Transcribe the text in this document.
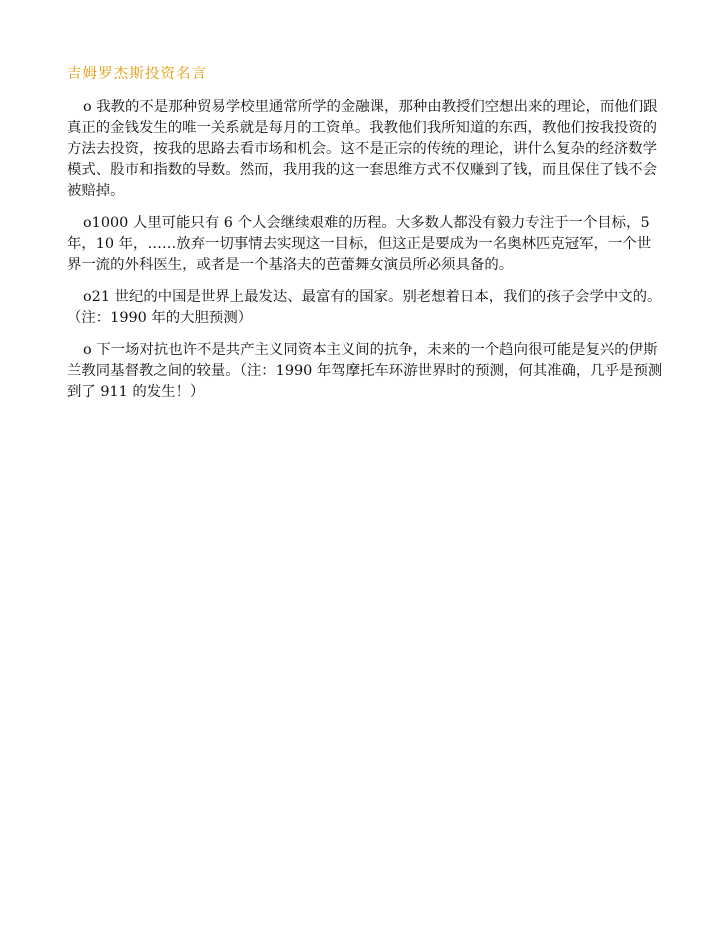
吉姆罗杰斯投资名言

o 我教的不是那种贸易学校里通常所学的金融课，那种由教授们空想出来的理论，而他们跟真正的金钱发生的唯一关系就是每月的工资单。我教他们我所知道的东西，教他们按我投资的方法去投资，按我的思路去看市场和机会。这不是正宗的传统的理论，讲什么复杂的经济数学模式、股市和指数的导数。然而，我用我的这一套思维方式不仅赚到了钱，而且保住了钱不会被赔掉。

o1000 人里可能只有 6 个人会继续艰难的历程。大多数人都没有毅力专注于一个目标，5 年，10 年，……放弃一切事情去实现这一目标，但这正是要成为一名奥林匹克冠军，一个世界一流的外科医生，或者是一个基洛夫的芭蕾舞女演员所必须具备的。

o21 世纪的中国是世界上最发达、最富有的国家。别老想着日本，我们的孩子会学中文的。（注：1990 年的大胆预测）

o 下一场对抗也许不是共产主义同资本主义间的抗争，未来的一个趋向很可能是复兴的伊斯兰教同基督教之间的较量。（注：1990 年驾摩托车环游世界时的预测，何其准确，几乎是预测到了 911 的发生！）
